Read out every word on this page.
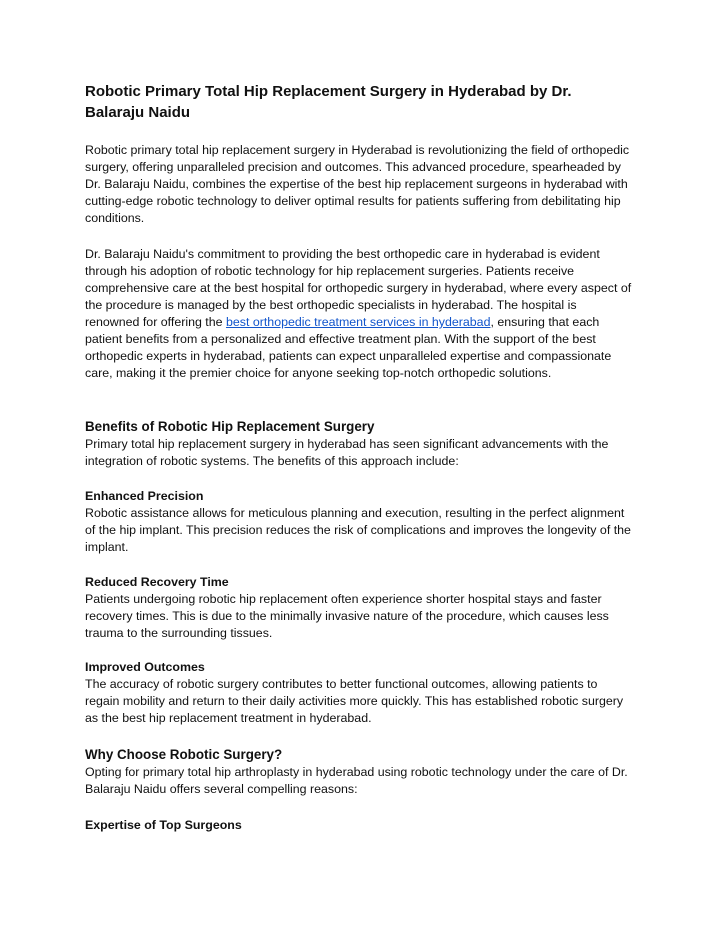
Robotic Primary Total Hip Replacement Surgery in Hyderabad by Dr. Balaraju Naidu

Robotic primary total hip replacement surgery in Hyderabad is revolutionizing the field of orthopedic surgery, offering unparalleled precision and outcomes. This advanced procedure, spearheaded by Dr. Balaraju Naidu, combines the expertise of the best hip replacement surgeons in hyderabad with cutting-edge robotic technology to deliver optimal results for patients suffering from debilitating hip conditions.

Dr. Balaraju Naidu's commitment to providing the best orthopedic care in hyderabad is evident through his adoption of robotic technology for hip replacement surgeries. Patients receive comprehensive care at the best hospital for orthopedic surgery in hyderabad, where every aspect of the procedure is managed by the best orthopedic specialists in hyderabad. The hospital is renowned for offering the best orthopedic treatment services in hyderabad, ensuring that each patient benefits from a personalized and effective treatment plan. With the support of the best orthopedic experts in hyderabad, patients can expect unparalleled expertise and compassionate care, making it the premier choice for anyone seeking top-notch orthopedic solutions.

Benefits of Robotic Hip Replacement Surgery

Primary total hip replacement surgery in hyderabad has seen significant advancements with the integration of robotic systems. The benefits of this approach include:

Enhanced Precision

Robotic assistance allows for meticulous planning and execution, resulting in the perfect alignment of the hip implant. This precision reduces the risk of complications and improves the longevity of the implant.

Reduced Recovery Time

Patients undergoing robotic hip replacement often experience shorter hospital stays and faster recovery times. This is due to the minimally invasive nature of the procedure, which causes less trauma to the surrounding tissues.

Improved Outcomes

The accuracy of robotic surgery contributes to better functional outcomes, allowing patients to regain mobility and return to their daily activities more quickly. This has established robotic surgery as the best hip replacement treatment in hyderabad.

Why Choose Robotic Surgery?

Opting for primary total hip arthroplasty in hyderabad using robotic technology under the care of Dr. Balaraju Naidu offers several compelling reasons:

Expertise of Top Surgeons
